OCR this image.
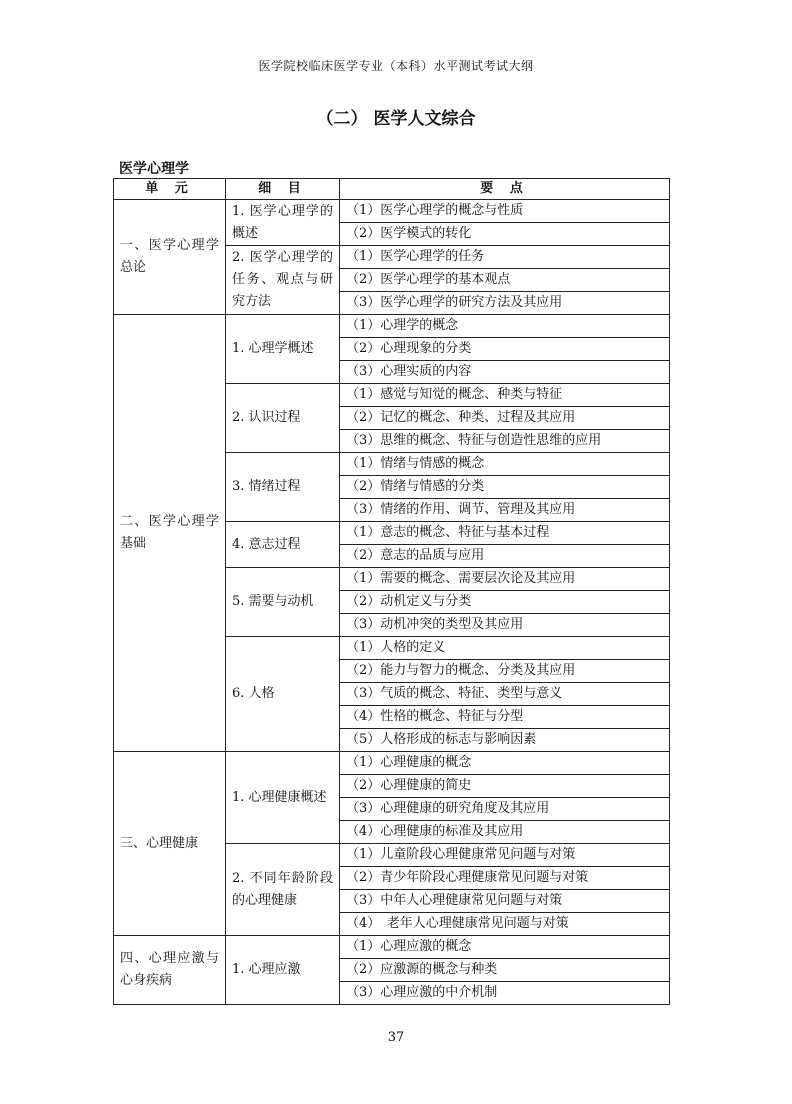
医学院校临床医学专业（本科）水平测试考试大纲
（二） 医学人文综合
医学心理学
单 元	细 目	要 点
一、医学心理学总论	1. 医学心理学的概述	（1）医学心理学的概念与性质
		（2）医学模式的转化
	2. 医学心理学的任务、观点与研究方法	（1）医学心理学的任务
		（2）医学心理学的基本观点
		（3）医学心理学的研究方法及其应用
二、医学心理学基础	1. 心理学概述	（1）心理学的概念
		（2）心理现象的分类
		（3）心理实质的内容
	2. 认识过程	（1）感觉与知觉的概念、种类与特征
		（2）记忆的概念、种类、过程及其应用
		（3）思维的概念、特征与创造性思维的应用
	3. 情绪过程	（1）情绪与情感的概念
		（2）情绪与情感的分类
		（3）情绪的作用、调节、管理及其应用
	4. 意志过程	（1）意志的概念、特征与基本过程
		（2）意志的品质与应用
	5. 需要与动机	（1）需要的概念、需要层次论及其应用
		（2）动机定义与分类
		（3）动机冲突的类型及其应用
	6. 人格	（1）人格的定义
		（2）能力与智力的概念、分类及其应用
		（3）气质的概念、特征、类型与意义
		（4）性格的概念、特征与分型
		（5）人格形成的标志与影响因素
三、心理健康	1. 心理健康概述	（1）心理健康的概念
		（2）心理健康的简史
		（3）心理健康的研究角度及其应用
		（4）心理健康的标准及其应用
	2. 不同年龄阶段的心理健康	（1）儿童阶段心理健康常见问题与对策
		（2）青少年阶段心理健康常见问题与对策
		（3）中年人心理健康常见问题与对策
		（4）　老年人心理健康常见问题与对策
四、心理应激与心身疾病	1. 心理应激	（1）心理应激的概念
		（2）应激源的概念与种类
		（3）心理应激的中介机制
37
